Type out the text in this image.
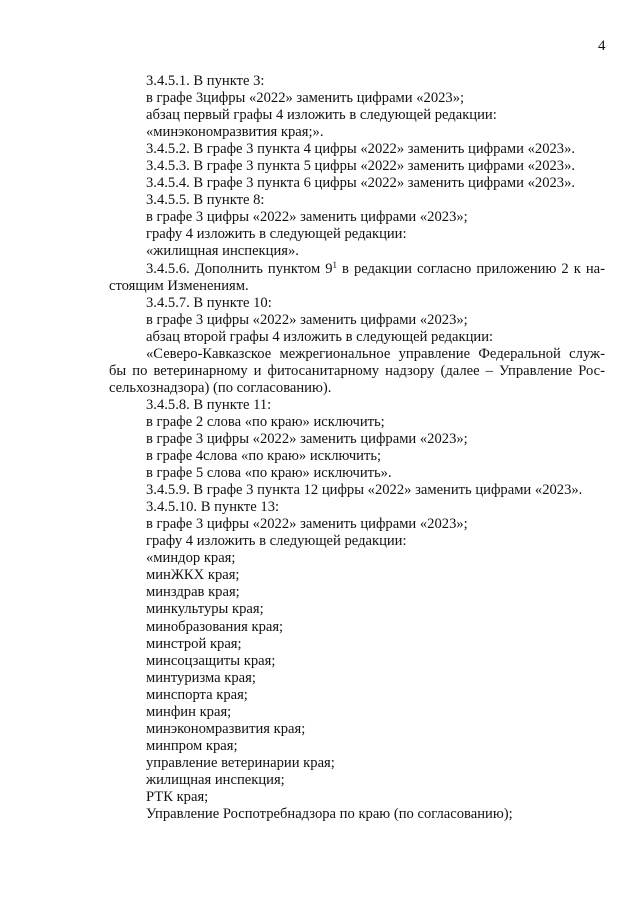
4
3.4.5.1. В пункте 3:
в графе 3цифры «2022» заменить цифрами «2023»;
абзац первый графы 4 изложить в следующей редакции:
«минэкономразвития края;».
3.4.5.2. В графе 3 пункта 4 цифры «2022» заменить цифрами «2023».
3.4.5.3. В графе 3 пункта 5 цифры «2022» заменить цифрами «2023».
3.4.5.4. В графе 3 пункта 6 цифры «2022» заменить цифрами «2023».
3.4.5.5. В пункте 8:
в графе 3 цифры «2022» заменить цифрами «2023»;
графу 4 изложить в следующей редакции:
«жилищная инспекция».
3.4.5.6. Дополнить пунктом $9^1$ в редакции согласно приложению 2 к на-
стоящим Изменениям.
3.4.5.7. В пункте 10:
в графе 3 цифры «2022» заменить цифрами «2023»;
абзац второй графы 4 изложить в следующей редакции:
«Северо-Кавказское межрегиональное управление Федеральной служ-
бы по ветеринарному и фитосанитарному надзору (далее – Управление Рос-
сельхознадзора) (по согласованию).
3.4.5.8. В пункте 11:
в графе 2 слова «по краю» исключить;
в графе 3 цифры «2022» заменить цифрами «2023»;
в графе 4слова «по краю» исключить;
в графе 5 слова «по краю» исключить».
3.4.5.9. В графе 3 пункта 12 цифры «2022» заменить цифрами «2023».
3.4.5.10. В пункте 13:
в графе 3 цифры «2022» заменить цифрами «2023»;
графу 4 изложить в следующей редакции:
«миндор края;
минЖКХ края;
минздрав края;
минкультуры края;
минобразования края;
минстрой края;
минсоцзащиты края;
минтуризма края;
минспорта края;
минфин края;
минэкономразвития края;
минпром края;
управление ветеринарии края;
жилищная инспекция;
РТК края;
Управление Роспотребнадзора по краю (по согласованию);
